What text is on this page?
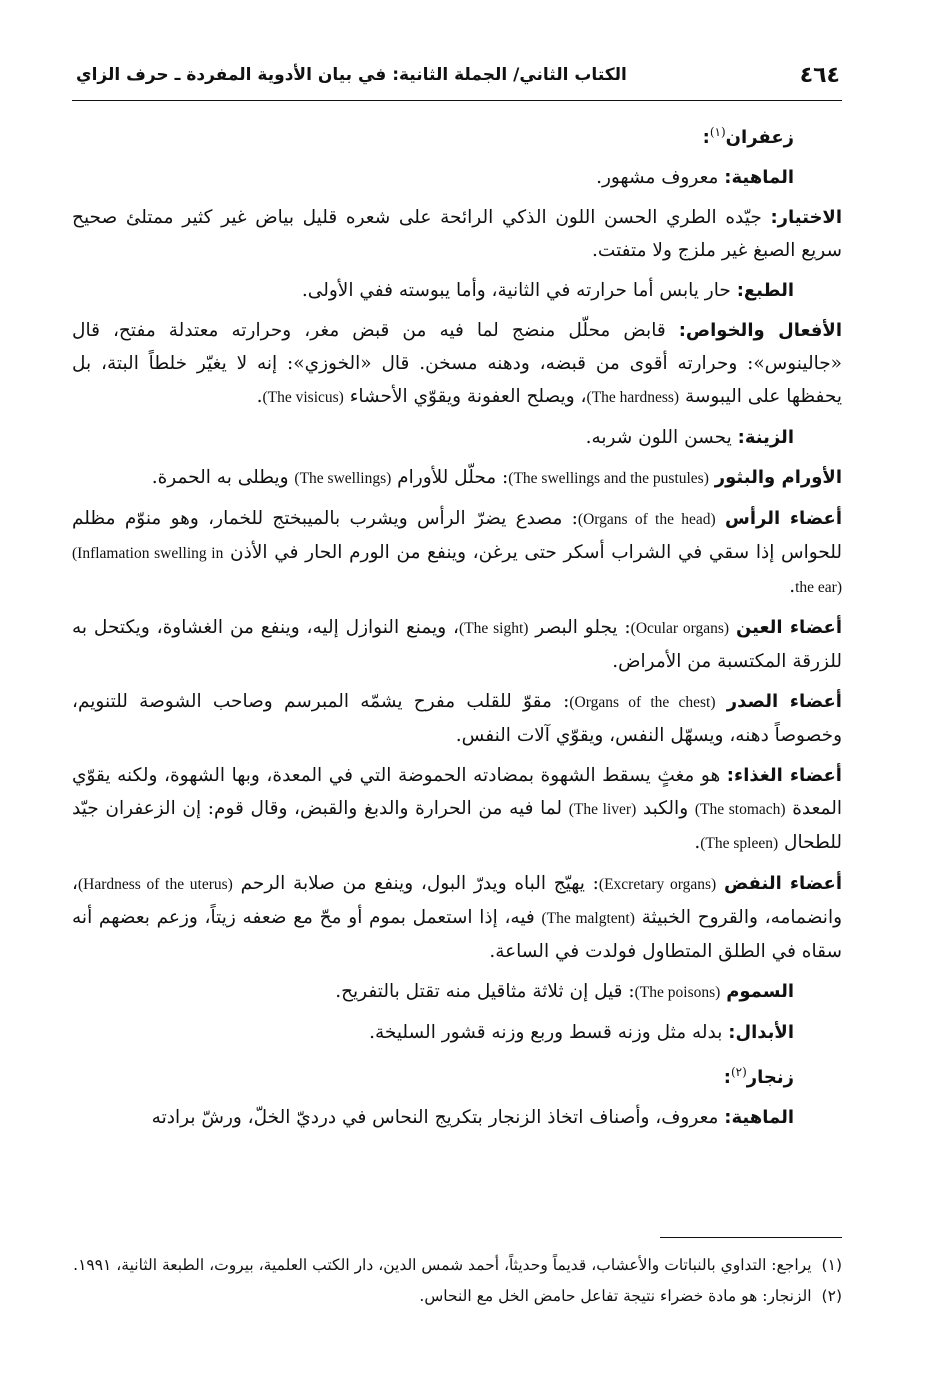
٤٦٤
الكتاب الثاني/ الجملة الثانية: في بيان الأدوية المفردة ـ حرف الزاي

زعفران$^{(١)}$:

الماهية: معروف مشهور.

الاختيار: جيّده الطري الحسن اللون الذكي الرائحة على شعره قليل بياض غير كثير ممتلئ صحيح سريع الصبغ غير ملزج ولا متفتت.

الطبع: حار يابس أما حرارته في الثانية، وأما يبوسته ففي الأولى.

الأفعال والخواص: قابض محلّل منضج لما فيه من قبض مغر، وحرارته معتدلة مفتح، قال «جالينوس»: وحرارته أقوى من قبضه، ودهنه مسخن. قال «الخوزي»: إنه لا يغيّر خلطاً البتة، بل يحفظها على اليبوسة (The hardness)، ويصلح العفونة ويقوّي الأحشاء (The visicus).

الزينة: يحسن اللون شربه.

الأورام والبثور (The swellings and the pustules): محلّل للأورام (The swellings) ويطلى به الحمرة.

أعضاء الرأس (Organs of the head): مصدع يضرّ الرأس ويشرب بالميبختج للخمار، وهو منوّم مظلم للحواس إذا سقي في الشراب أسكر حتى يرغن، وينفع من الورم الحار في الأذن (Inflamation swelling in the ear).

أعضاء العين (Ocular organs): يجلو البصر (The sight)، ويمنع النوازل إليه، وينفع من الغشاوة، ويكتحل به للزرقة المكتسبة من الأمراض.

أعضاء الصدر (Organs of the chest): مقوّ للقلب مفرح يشمّه المبرسم وصاحب الشوصة للتنويم، وخصوصاً دهنه، ويسهّل النفس، ويقوّي آلات النفس.

أعضاء الغذاء: هو مغثٍ يسقط الشهوة بمضادته الحموضة التي في المعدة، وبها الشهوة، ولكنه يقوّي المعدة (The stomach) والكبد (The liver) لما فيه من الحرارة والدبغ والقبض، وقال قوم: إن الزعفران جيّد للطحال (The spleen).

أعضاء النفض (Excretary organs): يهيّج الباه ويدرّ البول، وينفع من صلابة الرحم (Hardness of the uterus)، وانضمامه، والقروح الخبيثة (The malgtent) فيه، إذا استعمل بموم أو محّ مع ضعفه زيتاً، وزعم بعضهم أنه سقاه في الطلق المتطاول فولدت في الساعة.

السموم (The poisons): قيل إن ثلاثة مثاقيل منه تقتل بالتفريح.

الأبدال: بدله مثل وزنه قسط وربع وزنه قشور السليخة.

زنجار$^{(٢)}$:

الماهية: معروف، وأصناف اتخاذ الزنجار بتكريج النحاس في درديّ الخلّ، ورشّ برادته

(١)يراجع: التداوي بالنباتات والأعشاب، قديماً وحديثاً، أحمد شمس الدين، دار الكتب العلمية، بيروت، الطبعة الثانية، ١٩٩١.

(٢)الزنجار: هو مادة خضراء نتيجة تفاعل حامض الخل مع النحاس.
